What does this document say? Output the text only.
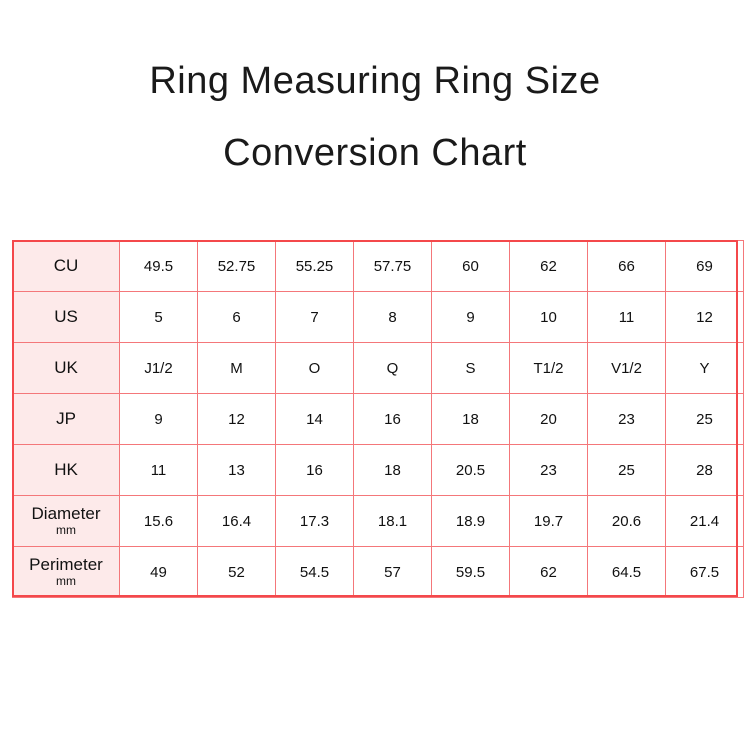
Ring Measuring Ring Size
Conversion Chart
CU	49.5	52.75	55.25	57.75	60	62	66	69

US	5	6	7	8	9	10	11	12

UK	J1/2	M	O	Q	S	T1/2	V1/2	Y

JP	9	12	14	16	18	20	23	25

HK	11	13	16	18	20.5	23	25	28

Diameter
mm	15.6	16.4	17.3	18.1	18.9	19.7	20.6	21.4

Perimeter
mm	49	52	54.5	57	59.5	62	64.5	67.5
